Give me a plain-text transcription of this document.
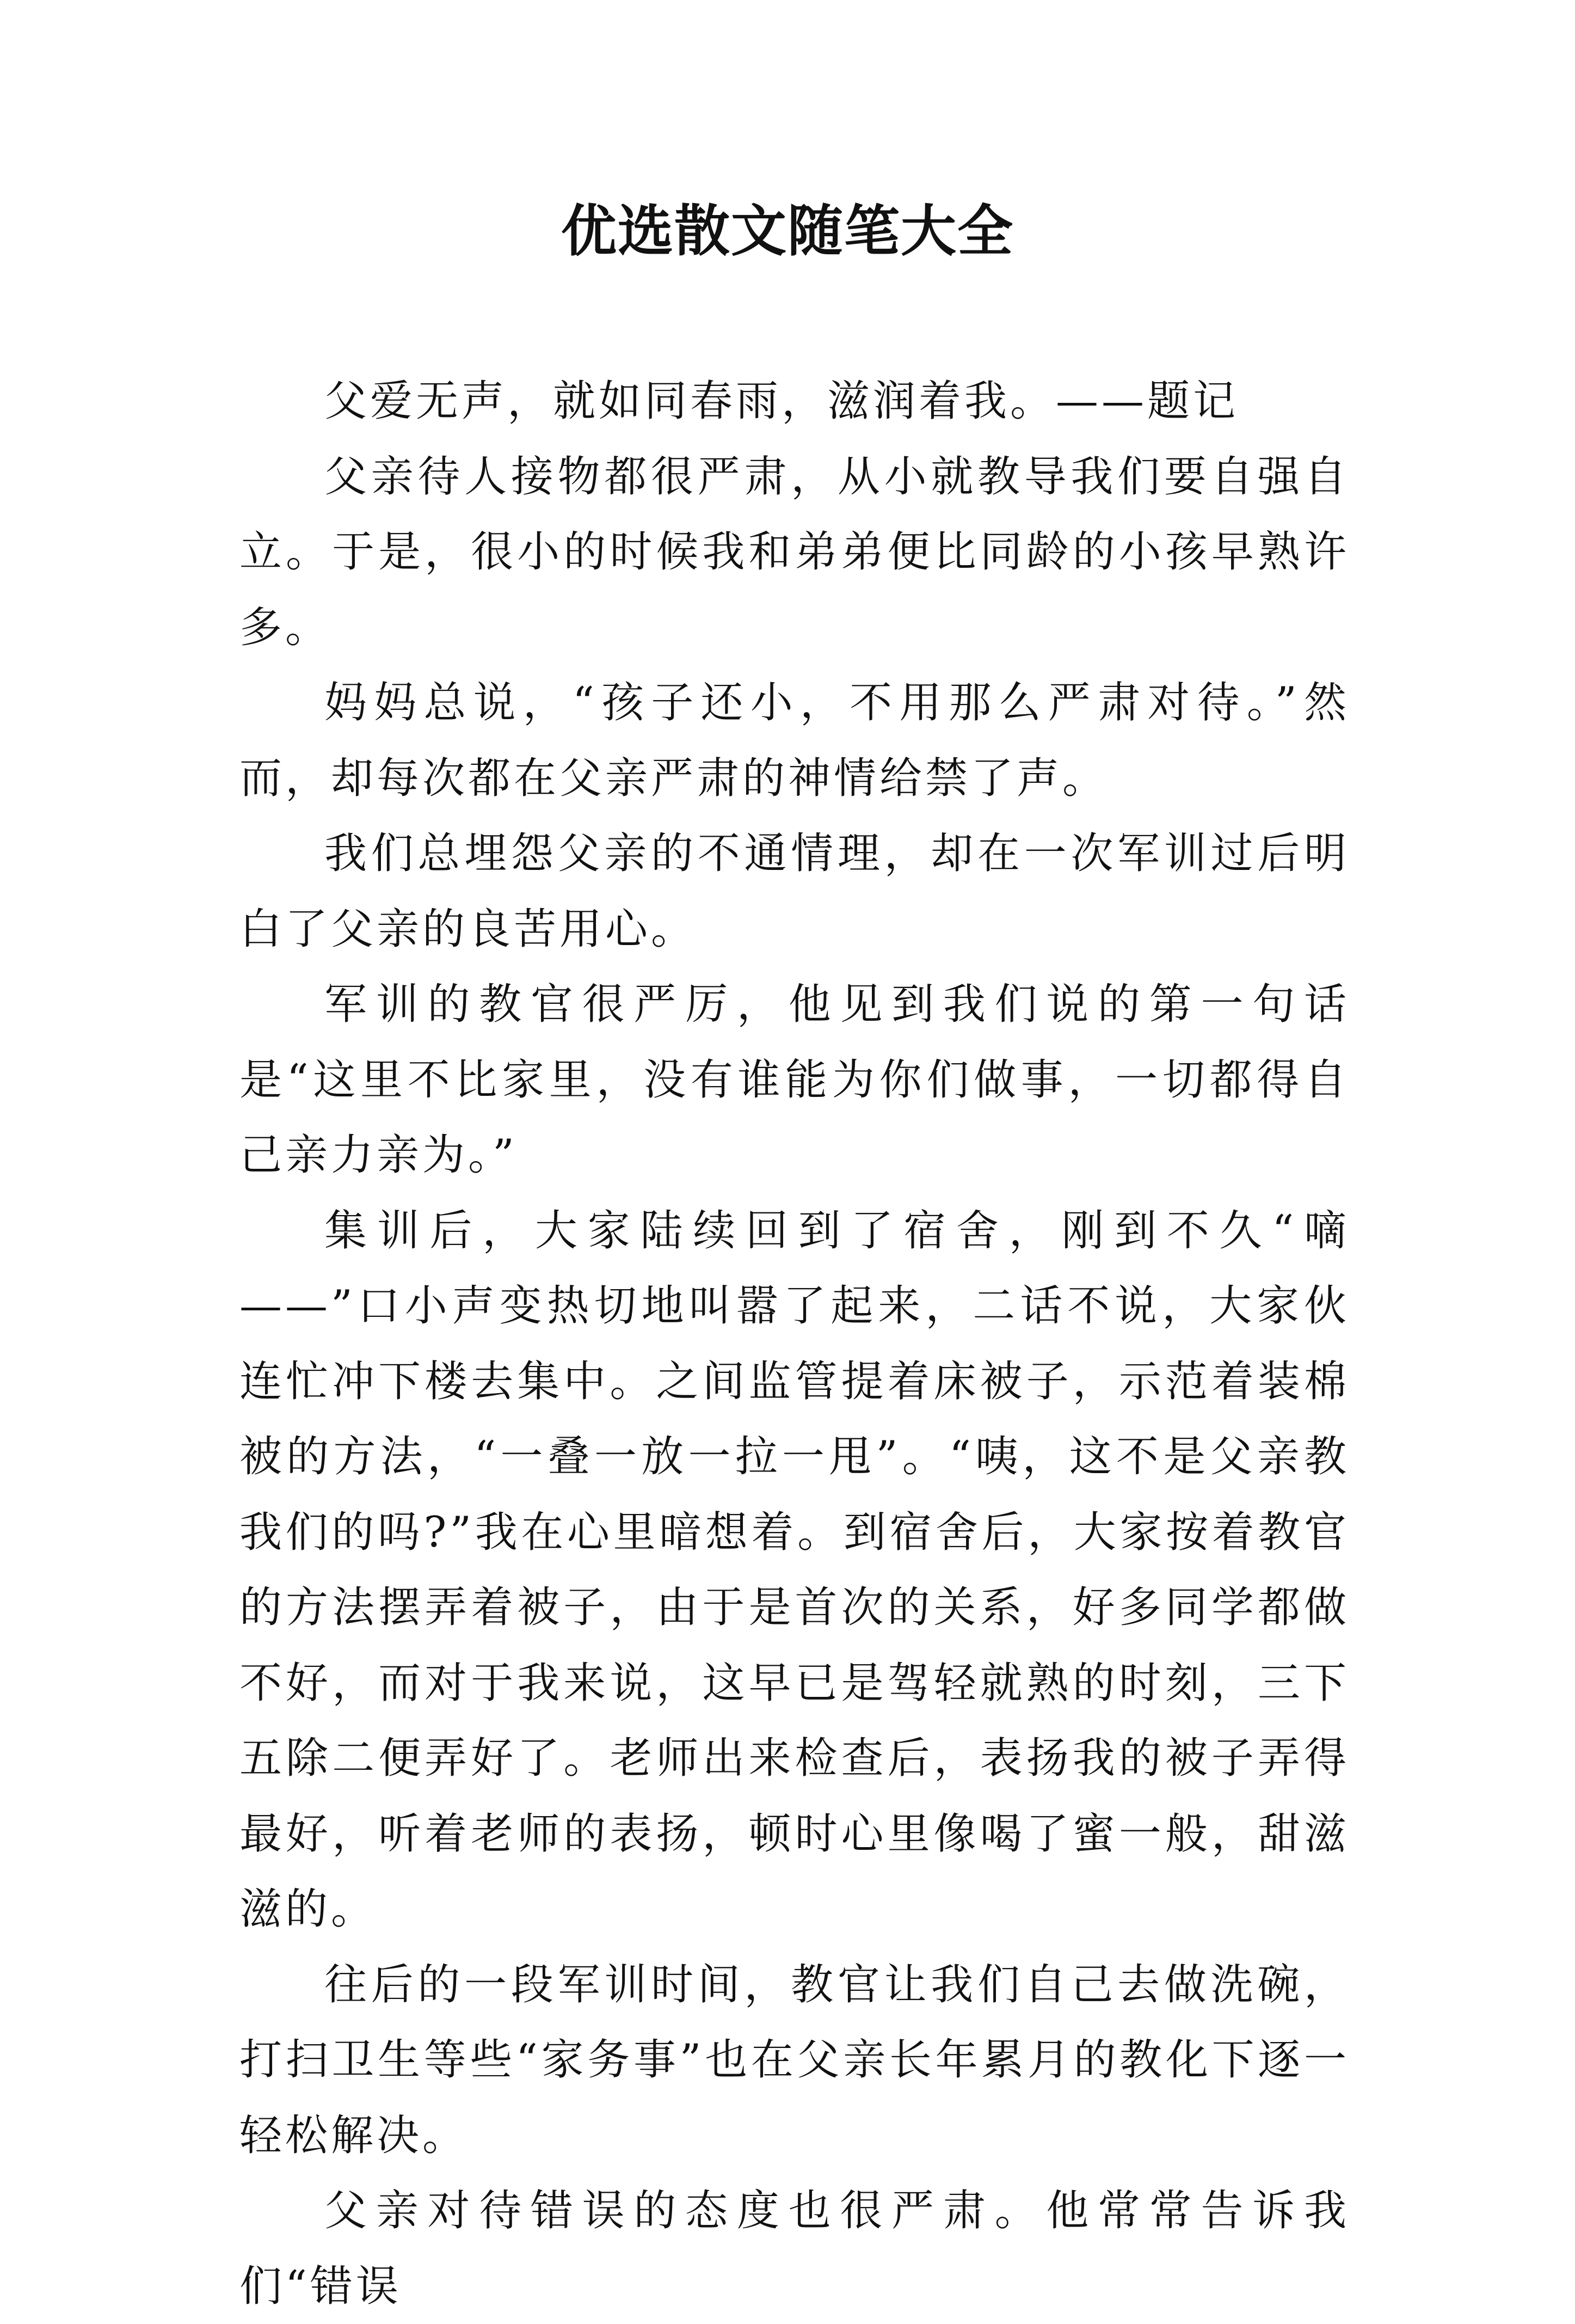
优选散文随笔大全

父爱无声，就如同春雨，滋润着我。——题记

父亲待人接物都很严肃，从小就教导我们要自强自立。于是，很小的时候我和弟弟便比同龄的小孩早熟许多。

妈妈总说，“孩子还小，不用那么严肃对待。”然而，却每次都在父亲严肃的神情给禁了声。

我们总埋怨父亲的不通情理，却在一次军训过后明白了父亲的良苦用心。

军训的教官很严厉，他见到我们说的第一句话是“这里不比家里，没有谁能为你们做事，一切都得自己亲力亲为。”

集训后，大家陆续回到了宿舍，刚到不久“嘀——”口小声变热切地叫嚣了起来，二话不说，大家伙连忙冲下楼去集中。之间监管提着床被子，示范着装棉被的方法，“一叠一放一拉一甩”。“咦，这不是父亲教我们的吗?”我在心里暗想着。到宿舍后，大家按着教官的方法摆弄着被子，由于是首次的关系，好多同学都做不好，而对于我来说，这早已是驾轻就熟的时刻，三下五除二便弄好了。老师出来检查后，表扬我的被子弄得最好，听着老师的表扬，顿时心里像喝了蜜一般，甜滋滋的。

往后的一段军训时间，教官让我们自己去做洗碗，打扫卫生等些“家务事”也在父亲长年累月的教化下逐一轻松解决。

父亲对待错误的态度也很严肃。他常常告诉我们“错误
